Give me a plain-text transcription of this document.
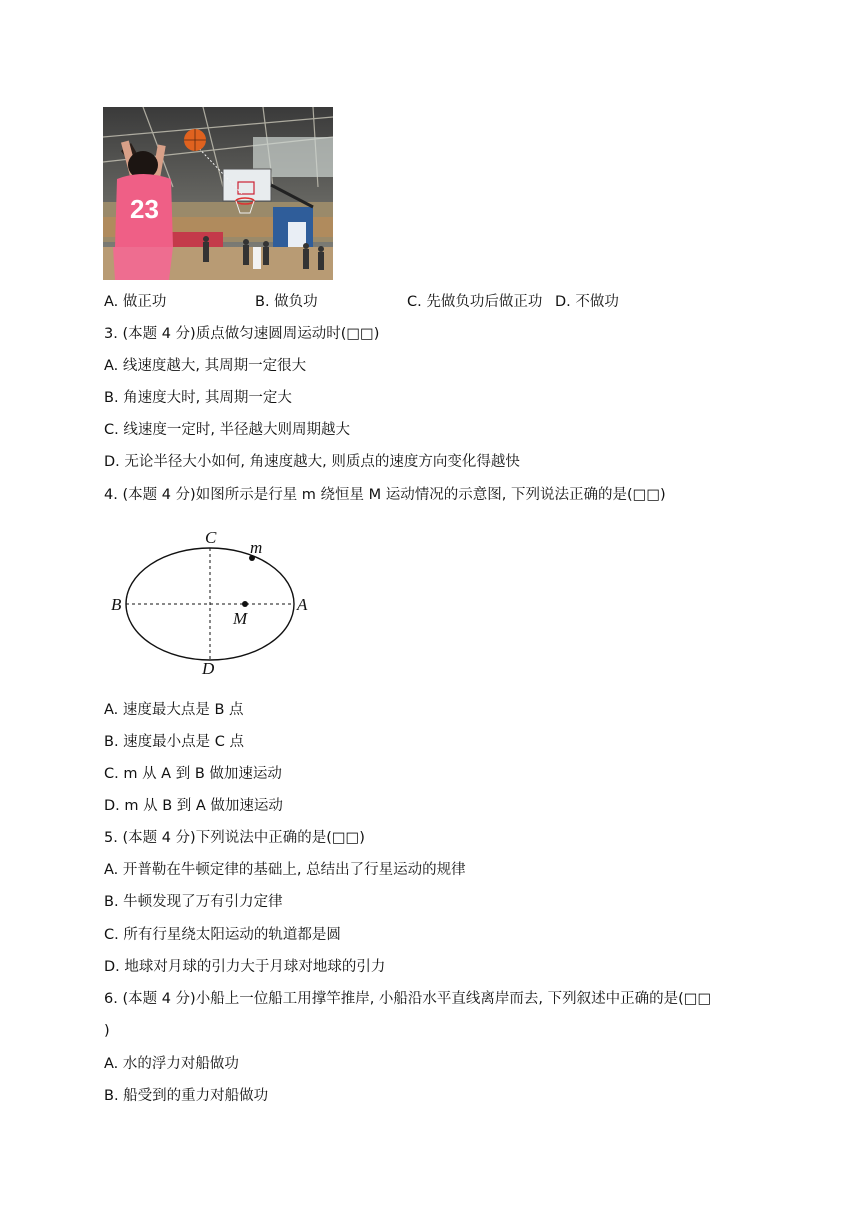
23
A. 做正功	B. 做负功	C. 先做负功后做正功 D. 不做功
3. (本题 4 分)质点做匀速圆周运动时(□□)
A. 线速度越大, 其周期一定很大
B. 角速度大时, 其周期一定大
C. 线速度一定时, 半径越大则周期越大
D. 无论半径大小如何, 角速度越大, 则质点的速度方向变化得越快
4. (本题 4 分)如图所示是行星 m 绕恒星 M 运动情况的示意图, 下列说法正确的是(□□)
C
m
B	A
M
D
A. 速度最大点是 B 点
B. 速度最小点是 C 点
C. m 从 A 到 B 做加速运动
D. m 从 B 到 A 做加速运动
5. (本题 4 分)下列说法中正确的是(□□)
A. 开普勒在牛顿定律的基础上, 总结出了行星运动的规律
B. 牛顿发现了万有引力定律
C. 所有行星绕太阳运动的轨道都是圆
D. 地球对月球的引力大于月球对地球的引力
6. (本题 4 分)小船上一位船工用撑竿推岸, 小船沿水平直线离岸而去, 下列叙述中正确的是(□□
)
A. 水的浮力对船做功
B. 船受到的重力对船做功
